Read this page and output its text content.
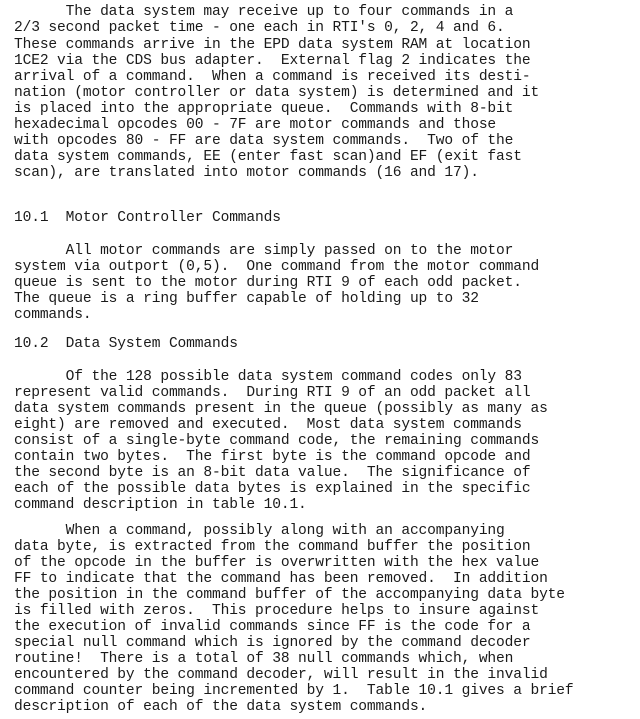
The data system may receive up to four commands in a
2/3 second packet time - one each in RTI's 0, 2, 4 and 6.
These commands arrive in the EPD data system RAM at location
1CE2 via the CDS bus adapter.  External flag 2 indicates the
arrival of a command.  When a command is received its desti-
nation (motor controller or data system) is determined and it
is placed into the appropriate queue.  Commands with 8-bit
hexadecimal opcodes 00 - 7F are motor commands and those
with opcodes 80 - FF are data system commands.  Two of the
data system commands, EE (enter fast scan)and EF (exit fast
scan), are translated into motor commands (16 and 17).
10.1  Motor Controller Commands
All motor commands are simply passed on to the motor
system via outport (0,5).  One command from the motor command
queue is sent to the motor during RTI 9 of each odd packet.
The queue is a ring buffer capable of holding up to 32
commands.
10.2  Data System Commands
Of the 128 possible data system command codes only 83
represent valid commands.  During RTI 9 of an odd packet all
data system commands present in the queue (possibly as many as
eight) are removed and executed.  Most data system commands
consist of a single-byte command code, the remaining commands
contain two bytes.  The first byte is the command opcode and
the second byte is an 8-bit data value.  The significance of
each of the possible data bytes is explained in the specific
command description in table 10.1.
When a command, possibly along with an accompanying
data byte, is extracted from the command buffer the position
of the opcode in the buffer is overwritten with the hex value
FF to indicate that the command has been removed.  In addition
the position in the command buffer of the accompanying data byte
is filled with zeros.  This procedure helps to insure against
the execution of invalid commands since FF is the code for a
special null command which is ignored by the command decoder
routine!  There is a total of 38 null commands which, when
encountered by the command decoder, will result in the invalid
command counter being incremented by 1.  Table 10.1 gives a brief
description of each of the data system commands.
